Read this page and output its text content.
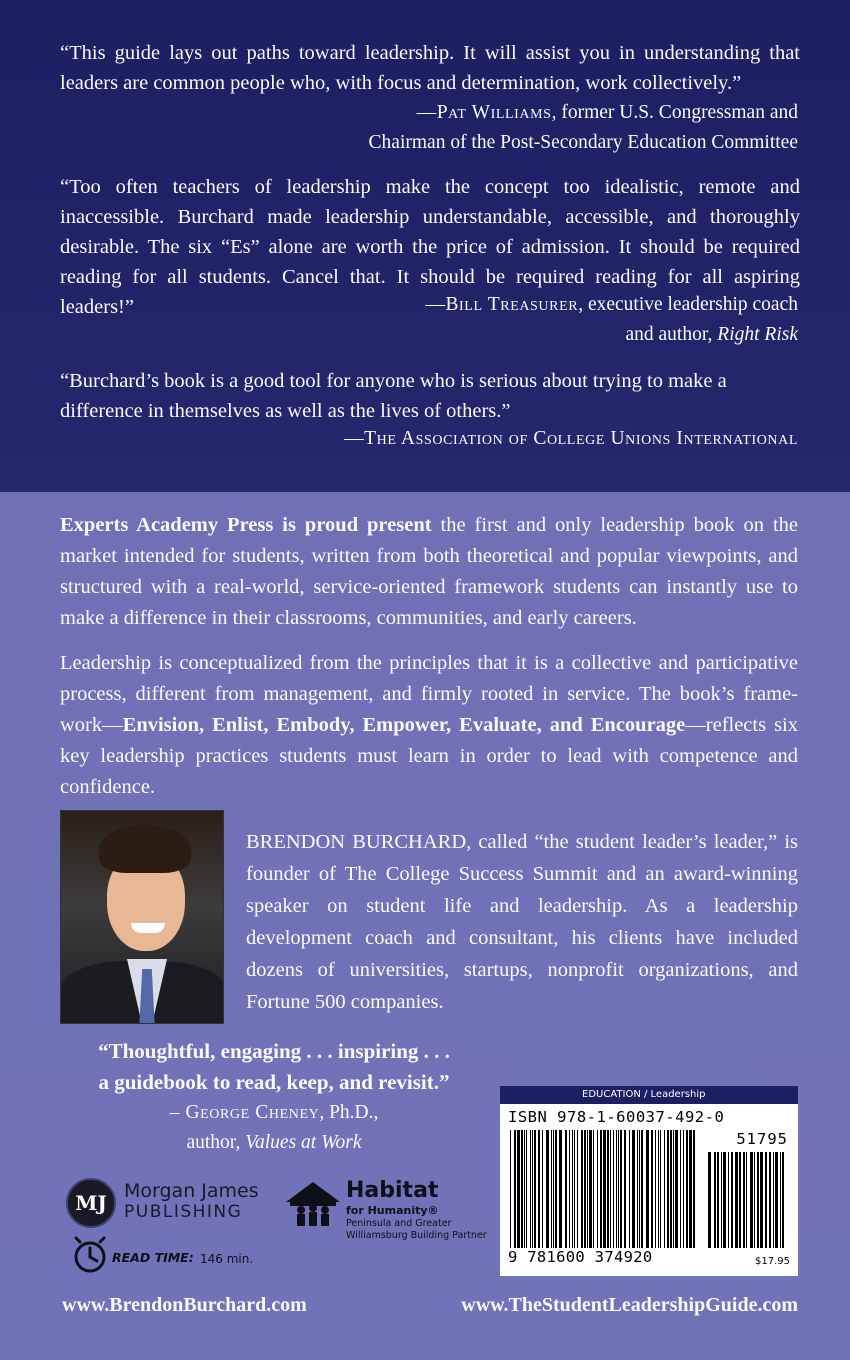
“This guide lays out paths toward leadership. It will assist you in understanding that leaders are common people who, with focus and determination, work collectively.”

—Pat Williams, former U.S. Congressman and
Chairman of the Post-Secondary Education Committee

“Too often teachers of leadership make the concept too idealistic, remote and inaccessible. Burchard made leadership understandable, accessible, and thoroughly desirable. The six “Es” alone are worth the price of admission. It should be required reading for all students. Cancel that. It should be required reading for all aspiring leaders!”	—Bill Treasurer, executive leadership coach
and author, Right Risk

“Burchard’s book is a good tool for anyone who is serious about trying to make a difference in themselves as well as the lives of others.”

—The Association of College Unions International

Experts Academy Press is proud present the first and only leadership book on the market intended for students, written from both theoretical and popular viewpoints, and structured with a real-world, service-oriented framework students can instantly use to make a difference in their classrooms, communities, and early careers.

Leadership is conceptualized from the principles that it is a collective and participative process, different from management, and firmly rooted in service. The book’s frame-work—Envision, Enlist, Embody, Empower, Evaluate, and Encourage—reflects six key leadership practices students must learn in order to lead with competence and confidence.

BRENDON BURCHARD, called “the student leader’s leader,” is founder of The College Success Summit and an award-winning speaker on student life and leadership. As a leadership development coach and consultant, his clients have included dozens of universities, startups, nonprofit organizations, and Fortune 500 companies.

“Thoughtful, engaging . . . inspiring . . .
a guidebook to read, keep, and revisit.”
– George Cheney, Ph.D.,
author, Values at Work
EDUCATION / Leadership
ISBN 978-1-60037-492-0
51795
9 781600 374920	$17.95
MJ Morgan James
PUBLISHING
Habitat
for Humanity®
Peninsula and Greater
Williamsburg Building Partner
READ TIME: 146 min.
www.BrendonBurchard.com	www.TheStudentLeadershipGuide.com
